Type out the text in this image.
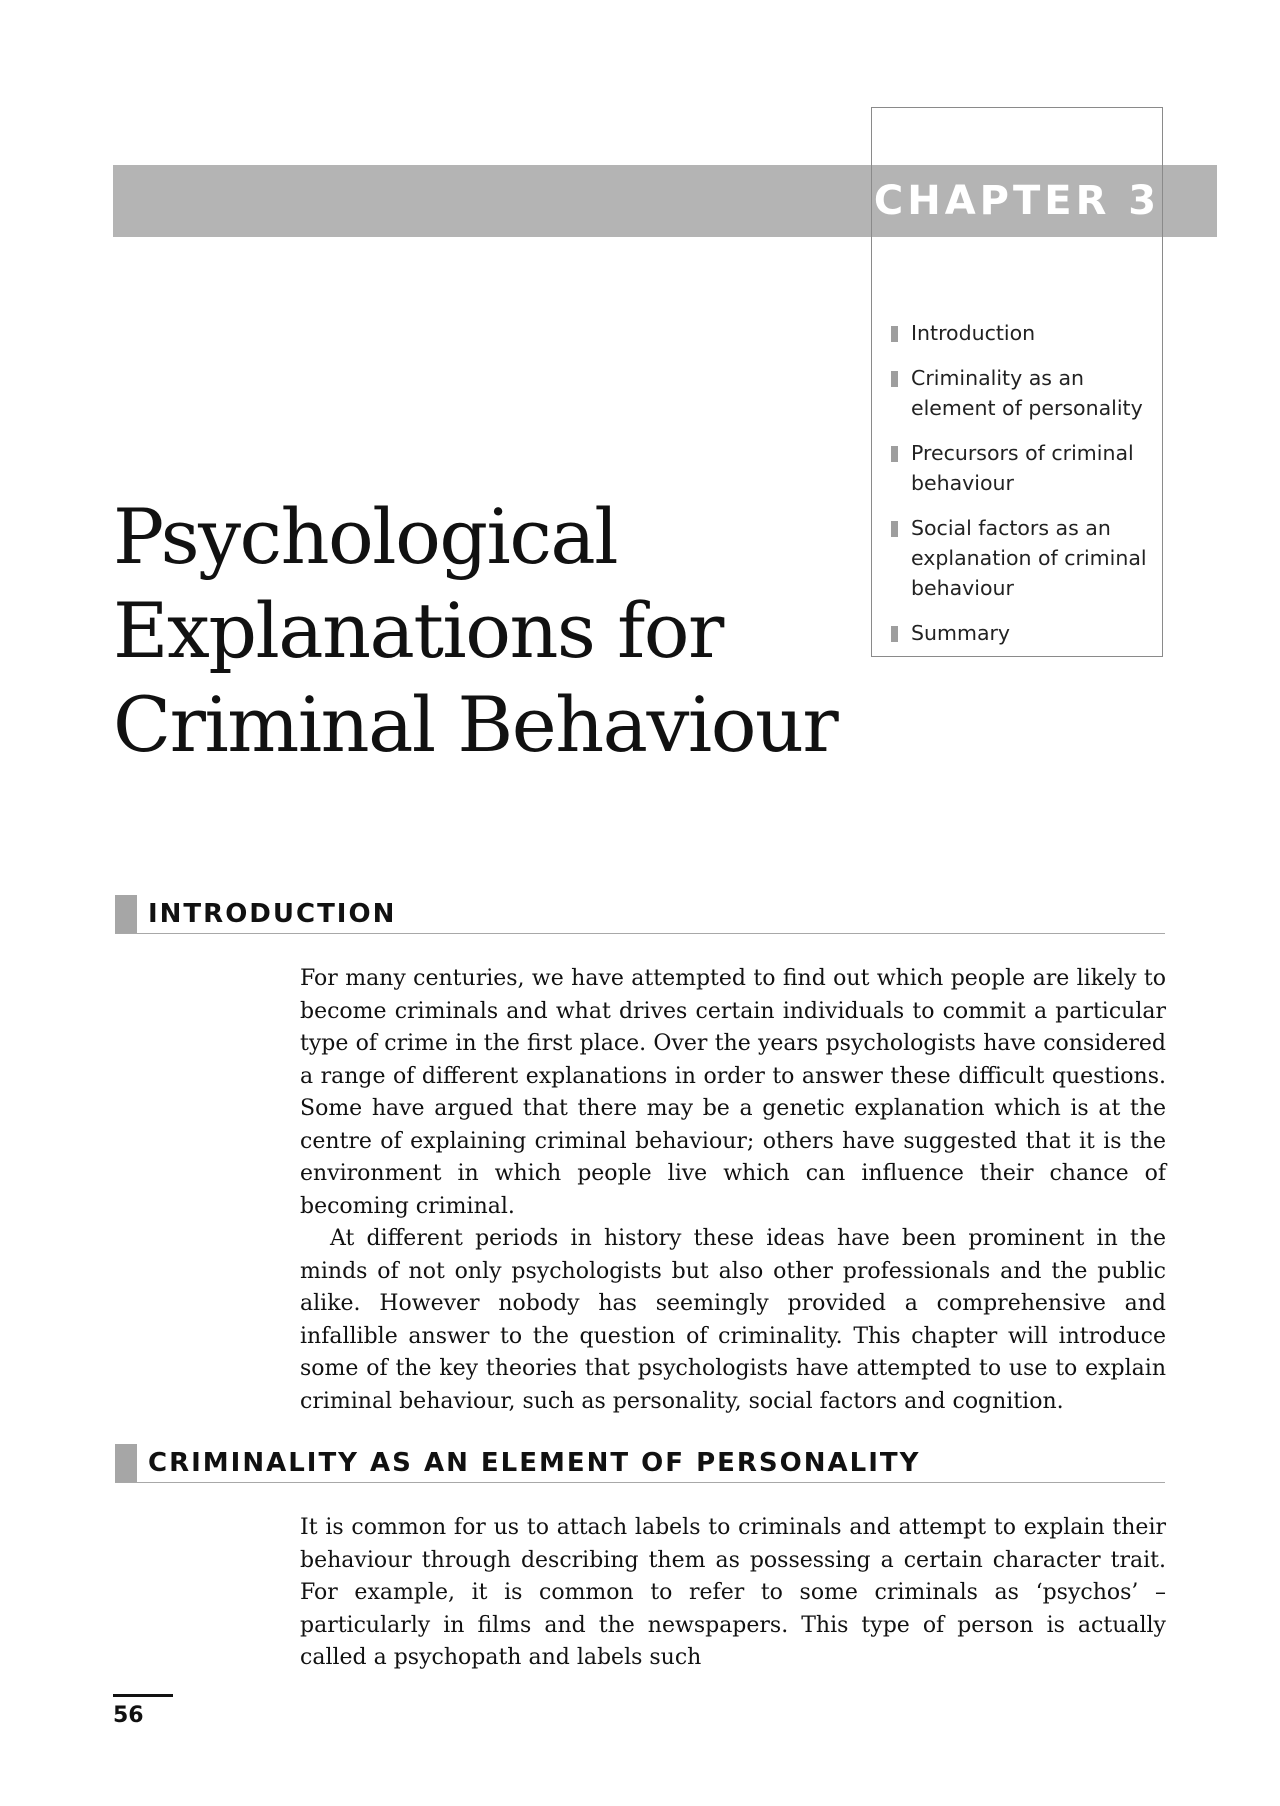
CHAPTER 3
Introduction
Criminality as an element of personality
Precursors of criminal behaviour
Social factors as an explanation of criminal behaviour
Summary
Psychological Explanations for Criminal Behaviour
INTRODUCTION

For many centuries, we have attempted to find out which people are likely to become criminals and what drives certain individuals to commit a particular type of crime in the first place. Over the years psychologists have considered a range of different explanations in order to answer these difficult questions. Some have argued that there may be a genetic explanation which is at the centre of explaining criminal behaviour; others have suggested that it is the environment in which people live which can influence their chance of becoming criminal.

At different periods in history these ideas have been prominent in the minds of not only psychologists but also other professionals and the public alike. However nobody has seemingly provided a comprehensive and infallible answer to the question of criminality. This chapter will introduce some of the key theories that psychologists have attempted to use to explain criminal behaviour, such as personality, social factors and cognition.

CRIMINALITY AS AN ELEMENT OF PERSONALITY

It is common for us to attach labels to criminals and attempt to explain their behaviour through describing them as possessing a certain character trait. For example, it is common to refer to some criminals as ‘psychos’ – particularly in films and the newspapers. This type of person is actually called a psychopath and labels such

56
